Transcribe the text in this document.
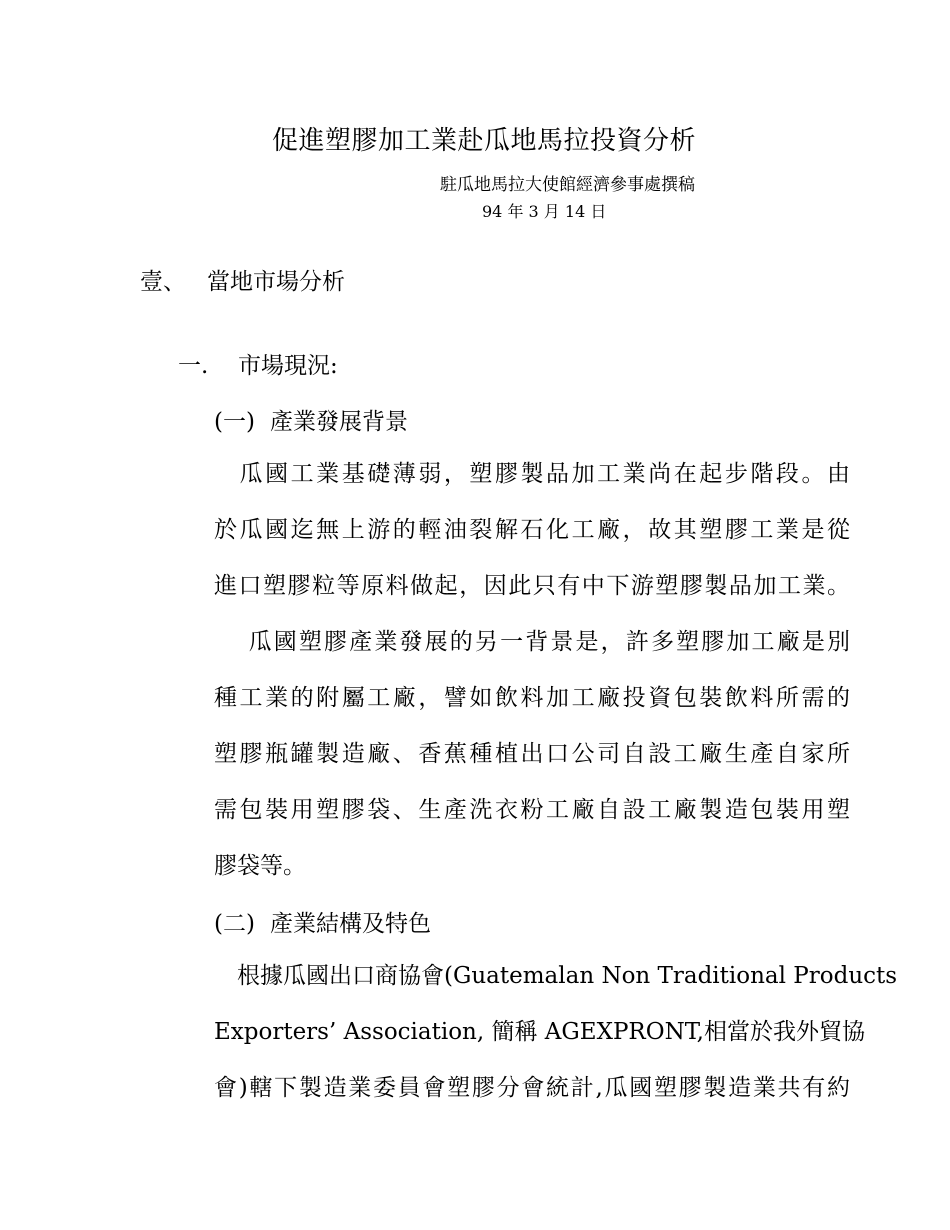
促進塑膠加工業赴瓜地馬拉投資分析
駐瓜地馬拉大使館經濟參事處撰稿
94 年 3 月 14 日
壹、 當地市場分析
一. 市場現況:
(一) 產業發展背景
　瓜國工業基礎薄弱，塑膠製品加工業尚在起步階段。由
於瓜國迄無上游的輕油裂解石化工廠，故其塑膠工業是從
進口塑膠粒等原料做起，因此只有中下游塑膠製品加工業。
　 瓜國塑膠產業發展的另一背景是，許多塑膠加工廠是別
種工業的附屬工廠，譬如飲料加工廠投資包裝飲料所需的
塑膠瓶罐製造廠、香蕉種植出口公司自設工廠生產自家所
需包裝用塑膠袋、生產洗衣粉工廠自設工廠製造包裝用塑
膠袋等。
(二) 產業結構及特色
　根據瓜國出口商協會(Guatemalan Non Traditional Products
Exporters’ Association, 簡稱 AGEXPRONT,相當於我外貿協
會)轄下製造業委員會塑膠分會統計,瓜國塑膠製造業共有約
